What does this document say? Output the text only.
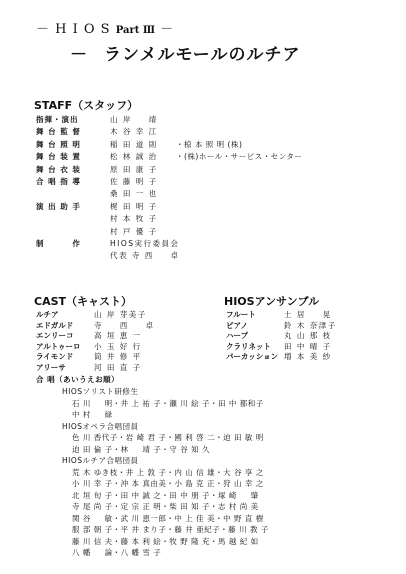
－ H I O S Part Ⅲ －
－ ランメルモールのルチア
STAFF（スタッフ）
指揮・演出	山 岸 　 靖
舞 台 監 督	木 谷 幸 江
舞 台 照 明	稲 田 道 則 ・椋 本 照 明 (株)
舞 台 装 置	松 林 誠 治 ・(株)ホール・サービス・センター
舞 台 衣 装	原 田 康 子
合 唱 指 導	佐 藤 明 子
桑 田 一 也
演 出 助 手	梶 田 明 子
村 本 牧 子
村 戸 優 子
制 　 　 作	HIOS実行委員会
代表 寺 西 　 卓
CAST（キャスト）	HIOSアンサンブル
ルチア	山 岸 芽美子
エドガルド	寺 　 西 　 卓
エンリーコ	高 垣 恵 一
アルトゥーロ 小 玉 好 行
ライモンド	筒 井 修 平
アリーサ	河 田 直 子
フルート	土 居 　 晃
ピアノ	鈴 木 奈津子
ハープ	丸 山 那 枝
クラリネット 田 中 晴 子
パーカッション 増 本 美 紗
合 唱（あいうえお順）
HIOSソリスト研修生
石 川 　 明・井 上 祐 子・瀬 川 絵 子・田 中 都和子
中 村 　 緑
HIOSオペラ合唱団員
色 川 香代子・岩 崎 君 子・國 利 啓 二・迫 田 敏 明
迫 田 倫 子・林 　 靖 子・守 谷 知 久
HIOSルチア合唱団員
荒 木 ゆき枝・井 上 敦 子・内 山 信 雄・大 谷 享 之
小 川 幸 子・沖 本 真由美・小 島 克 正・狩 山 幸 之
北 垣 旬 子・田 中 誠 之・田 中 朋 子・塚 崎 　 肇
寺 尾 尚 子・定 宗 正 明・柴 田 知 子・志 村 尚 美
関 谷 　 敏・武 川 恵一郎・中 上 佳 美・中 野 直 樹
服 部 朝 子・平 井 まり子・藤 井 亜紀子・藤 川 教 子
藤 川 信 夫・藤 本 利 絵・牧 野 隆 充・馬 越 紀 如
八 幡 　 論・八 幡 雪 子
